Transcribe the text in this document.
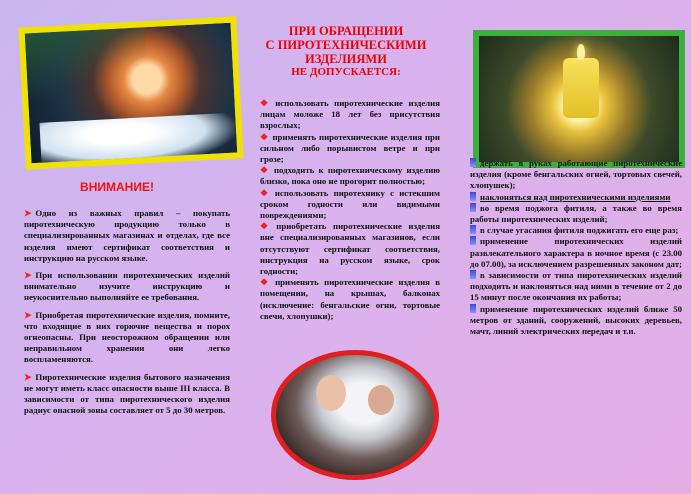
ВНИМАНИЕ!

➤ Одно из важных правил – покупать пиротехническую продукцию только в специализированных магазинах и отделах, где все изделия имеют сертификат соответствия и инструкцию на русском языке.

➤ При использовании пиротехнических изделий внимательно изучите инструкцию и неукоснительно выполняйте ее требования.

➤ Приобретая пиротехнические изделия, помните, что входящие в них горючие вещества и порох огнеопасны. При неосторожном обращении или неправильном хранении они легко воспламеняются.

➤ Пиротехнические изделия бытового назначения не могут иметь класс опасности выше III класса. В зависимости от типа пиротехнического изделия радиус опасной зоны составляет от 5 до 30 метров.

ПРИ ОБРАЩЕНИИ
С ПИРОТЕХНИЧЕСКИМИ
ИЗДЕЛИЯМИ
НЕ ДОПУСКАЕТСЯ:
❖ использовать пиротехнические изделия лицам моложе 18 лет без присутствия взрослых;
❖ применять пиротехнические изделия при сильном либо порывистом ветре и при грозе;
❖ подходить к пиротехническому изделию близко, пока оно не прогорит полностью;
❖ использовать пиротехнику с истекшим сроком годности или видимыми повреждениями;
❖ приобретать пиротехнические изделия вне специализированных магазинов, если отсутствуют сертификат соответствия, инструкция на русском языке, срок годности;
❖ применять пиротехнические изделия в помещении, на крышах, балконах (исключение: бенгальские огни, тортовые свечи, хлопушки);
держать в руках работающие пиротехнические изделия (кроме бенгальских огней, тортовых свечей, хлопушек);
наклоняться над пиротехническими изделиями
во время поджога фитиля, а также во время работы пиротехнических изделий;
в случае угасания фитиля поджигать его еще раз;
применение пиротехнических изделий развлекательного характера в ночное время (с 23.00 до 07.00), за исключением разрешенных законом дат;
в зависимости от типа пиротехнических изделий подходить и наклоняться над ними в течение от 2 до 15 минут после окончания их работы;
применение пиротехнических изделий ближе 50 метров от зданий, сооружений, высоких деревьев, мачт, линий электрических передач и т.п.
